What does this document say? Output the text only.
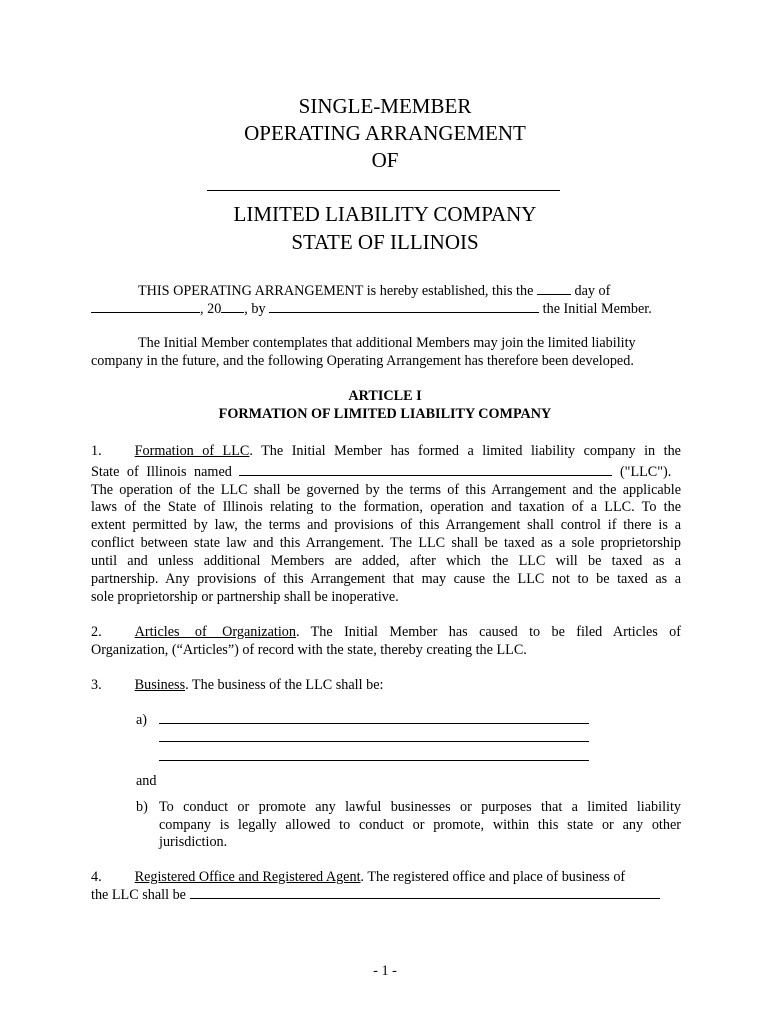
SINGLE-MEMBER
OPERATING ARRANGEMENT
OF
LIMITED LIABILITY COMPANY
STATE OF ILLINOIS
THIS OPERATING ARRANGEMENT is hereby established, this the	day of
, 20 , by	the Initial Member.
The Initial Member contemplates that additional Members may join the limited liability
company in the future, and the following Operating Arrangement has therefore been developed.
ARTICLE I
FORMATION OF LIMITED LIABILITY COMPANY
1. Formation of LLC. The Initial Member has formed a limited liability company in the
State of Illinois named	("LLC").
The operation of the LLC shall be governed by the terms of this Arrangement and the applicable
laws of the State of Illinois relating to the formation, operation and taxation of a LLC. To the
extent permitted by law, the terms and provisions of this Arrangement shall control if there is a
conflict between state law and this Arrangement. The LLC shall be taxed as a sole proprietorship
until and unless additional Members are added, after which the LLC will be taxed as a
partnership. Any provisions of this Arrangement that may cause the LLC not to be taxed as a
sole proprietorship or partnership shall be inoperative.
2. Articles of Organization. The Initial Member has caused to be filed Articles of
Organization, (“Articles”) of record with the state, thereby creating the LLC.
3. Business. The business of the LLC shall be:
a)
and
b) To conduct or promote any lawful businesses or purposes that a limited liability
company is legally allowed to conduct or promote, within this state or any other
jurisdiction.
4. Registered Office and Registered Agent. The registered office and place of business of
the LLC shall be
- 1 -
